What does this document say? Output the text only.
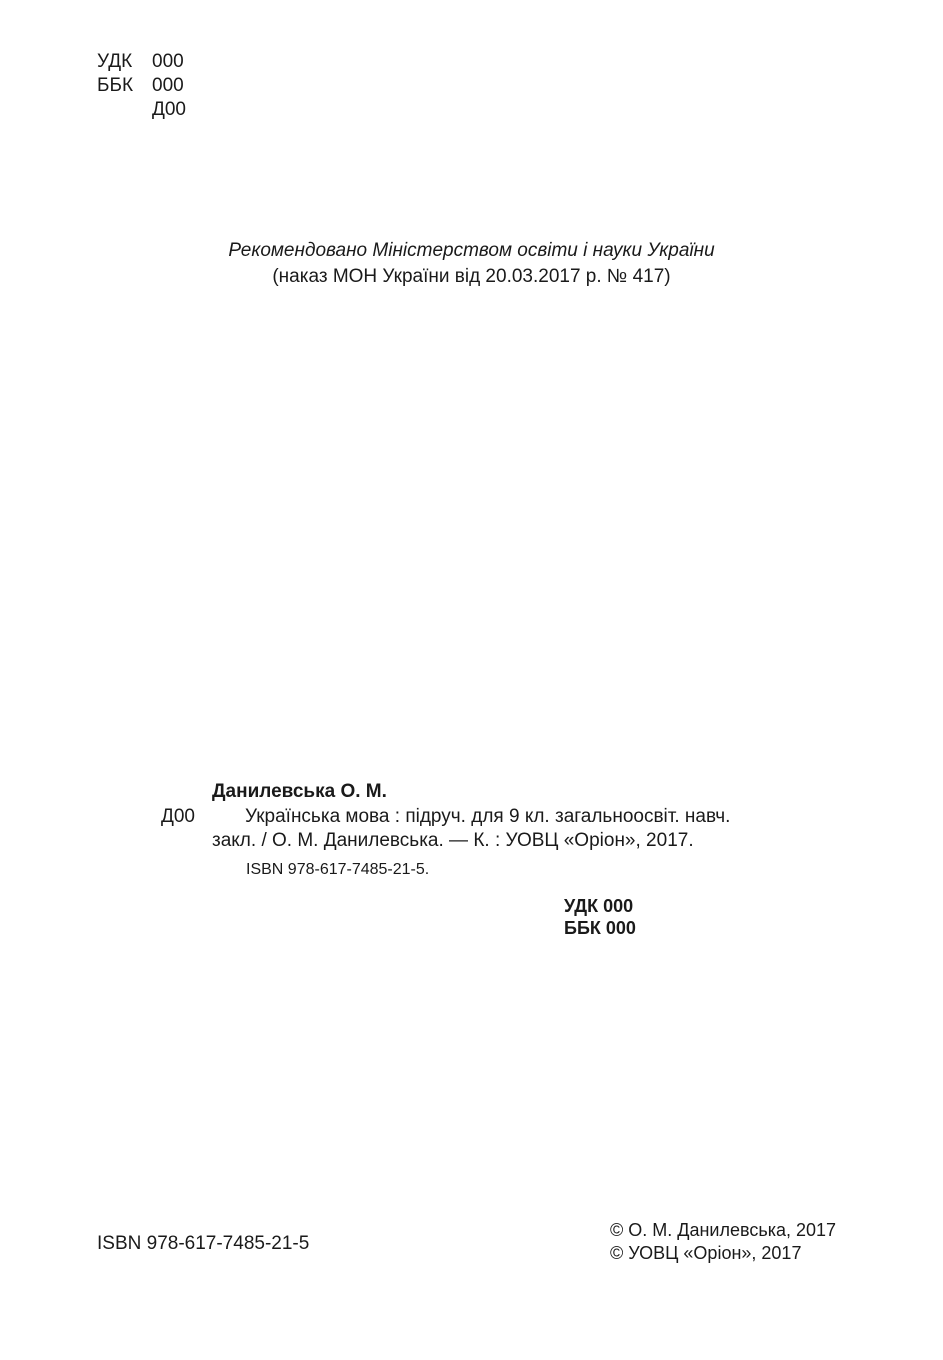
УДК	000
ББК 000
Д00
Рекомендовано Міністерством освіти і науки України
(наказ МОН України від 20.03.2017 р. № 417)
Данилевська О. М.
Д00	Українська мова : підруч. для 9 кл. загальноосвіт. навч.
закл. / О. М. Данилевська. — К. : УОВЦ «Оріон», 2017.
ISBN 978-617-7485-21-5.
УДК 000
ББК 000
ISBN 978-617-7485-21-5
© О. М. Данилевська, 2017
© УОВЦ «Оріон», 2017
